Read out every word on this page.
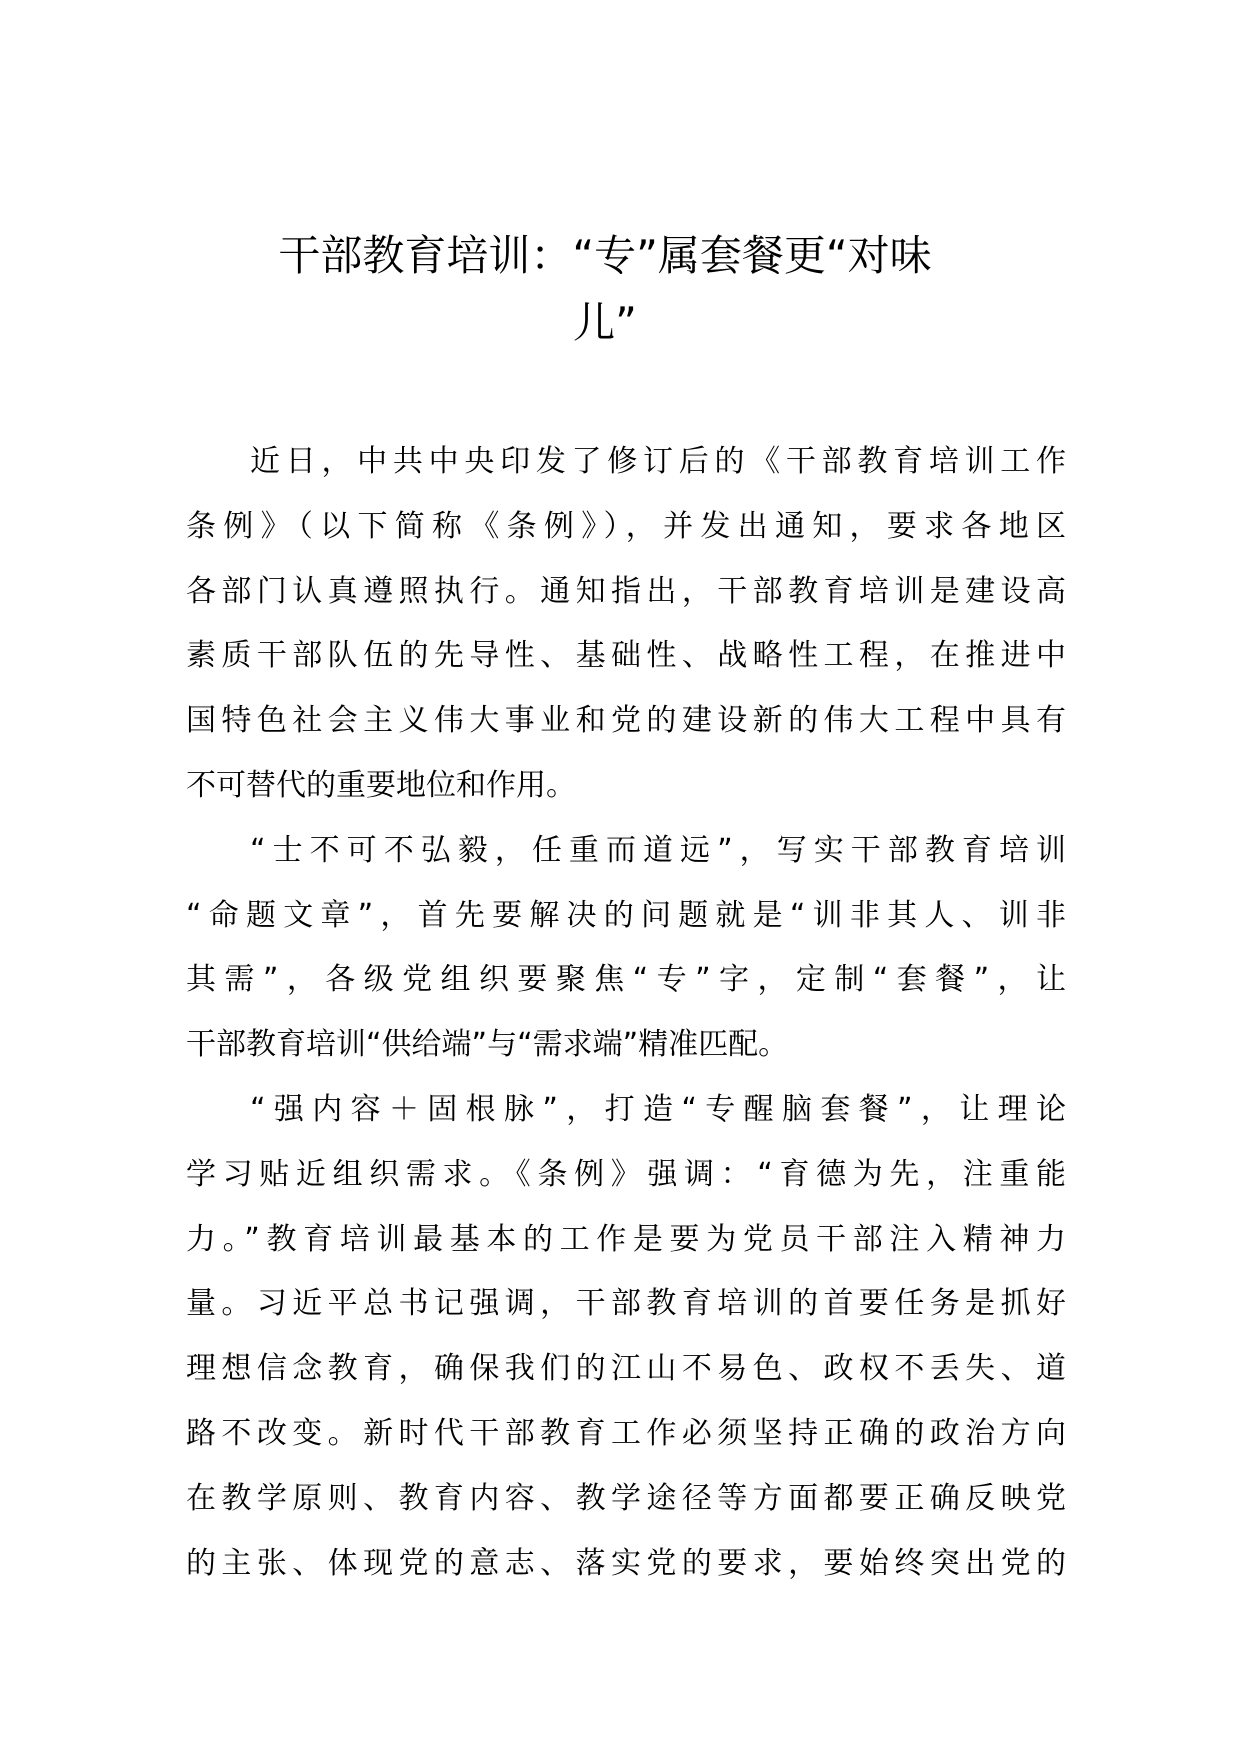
干部教育培训：“专”属套餐更“对味
儿”
近日，中共中央印发了修订后的《干部教育培训工作
条例》（以下简称《条例》），并发出通知，要求各地区
各部门认真遵照执行。通知指出，干部教育培训是建设高
素质干部队伍的先导性、基础性、战略性工程，在推进中
国特色社会主义伟大事业和党的建设新的伟大工程中具有
不可替代的重要地位和作用。
“士不可不弘毅，任重而道远”，写实干部教育培训
“命题文章”，首先要解决的问题就是“训非其人、训非
其需”，各级党组织要聚焦“专”字，定制“套餐”，让
干部教育培训“供给端”与“需求端”精准匹配。
“强内容＋固根脉”，打造“专醒脑套餐”，让理论
学习贴近组织需求。《条例》强调：“育德为先，注重能
力。”教育培训最基本的工作是要为党员干部注入精神力
量。习近平总书记强调，干部教育培训的首要任务是抓好
理想信念教育，确保我们的江山不易色、政权不丢失、道
路不改变。新时代干部教育工作必须坚持正确的政治方向
在教学原则、教育内容、教学途径等方面都要正确反映党
的主张、体现党的意志、落实党的要求，要始终突出党的
